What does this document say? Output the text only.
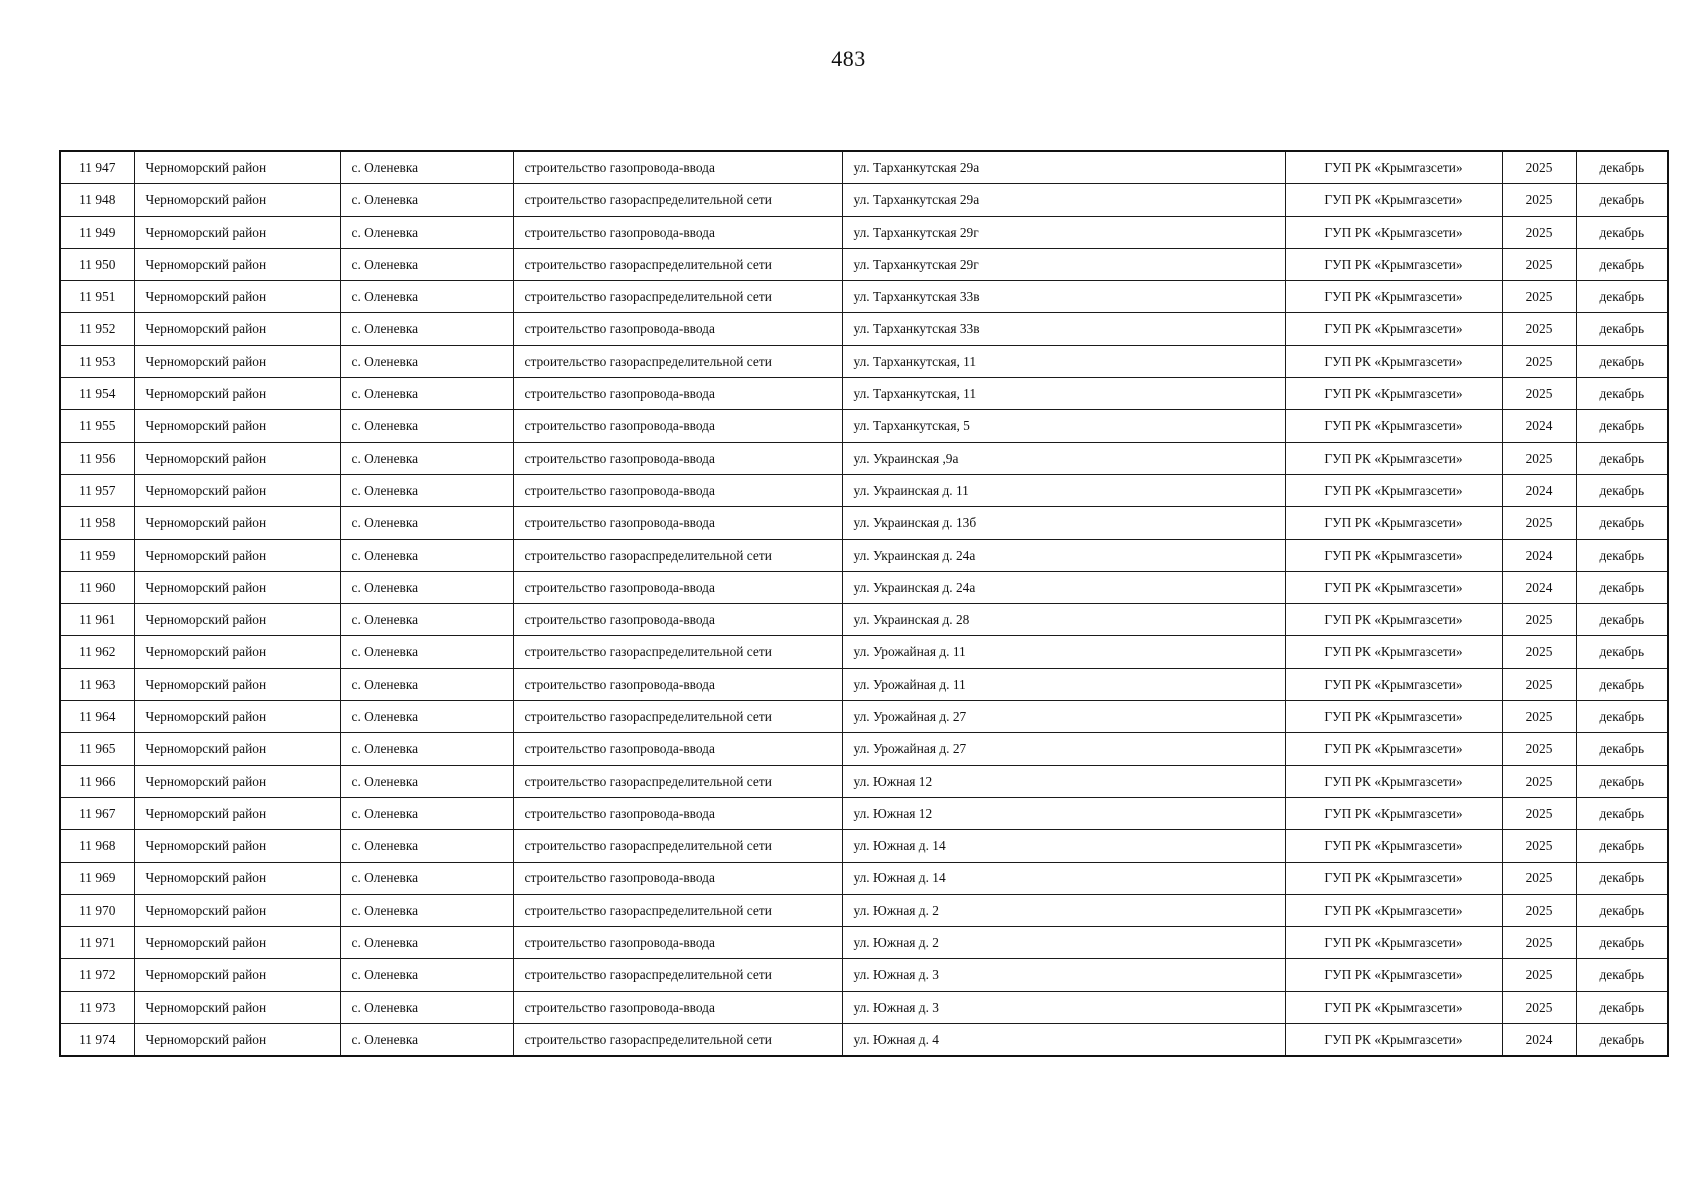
483
11 947	Черноморский район	с. Оленевка	строительство газопровода-ввода	ул. Тарханкутская 29а	ГУП РК «Крымгазсети»	2025	декабрь
11 948	Черноморский район	с. Оленевка	строительство газораспределительной сети	ул. Тарханкутская 29а	ГУП РК «Крымгазсети»	2025	декабрь
11 949	Черноморский район	с. Оленевка	строительство газопровода-ввода	ул. Тарханкутская 29г	ГУП РК «Крымгазсети»	2025	декабрь
11 950	Черноморский район	с. Оленевка	строительство газораспределительной сети	ул. Тарханкутская 29г	ГУП РК «Крымгазсети»	2025	декабрь
11 951	Черноморский район	с. Оленевка	строительство газораспределительной сети	ул. Тарханкутская 33в	ГУП РК «Крымгазсети»	2025	декабрь
11 952	Черноморский район	с. Оленевка	строительство газопровода-ввода	ул. Тарханкутская 33в	ГУП РК «Крымгазсети»	2025	декабрь
11 953	Черноморский район	с. Оленевка	строительство газораспределительной сети	ул. Тарханкутская, 11	ГУП РК «Крымгазсети»	2025	декабрь
11 954	Черноморский район	с. Оленевка	строительство газопровода-ввода	ул. Тарханкутская, 11	ГУП РК «Крымгазсети»	2025	декабрь
11 955	Черноморский район	с. Оленевка	строительство газопровода-ввода	ул. Тарханкутская, 5	ГУП РК «Крымгазсети»	2024	декабрь
11 956	Черноморский район	с. Оленевка	строительство газопровода-ввода	ул. Украинская ,9а	ГУП РК «Крымгазсети»	2025	декабрь
11 957	Черноморский район	с. Оленевка	строительство газопровода-ввода	ул. Украинская д. 11	ГУП РК «Крымгазсети»	2024	декабрь
11 958	Черноморский район	с. Оленевка	строительство газопровода-ввода	ул. Украинская д. 13б	ГУП РК «Крымгазсети»	2025	декабрь
11 959	Черноморский район	с. Оленевка	строительство газораспределительной сети	ул. Украинская д. 24а	ГУП РК «Крымгазсети»	2024	декабрь
11 960	Черноморский район	с. Оленевка	строительство газопровода-ввода	ул. Украинская д. 24а	ГУП РК «Крымгазсети»	2024	декабрь
11 961	Черноморский район	с. Оленевка	строительство газопровода-ввода	ул. Украинская д. 28	ГУП РК «Крымгазсети»	2025	декабрь
11 962	Черноморский район	с. Оленевка	строительство газораспределительной сети	ул. Урожайная д. 11	ГУП РК «Крымгазсети»	2025	декабрь
11 963	Черноморский район	с. Оленевка	строительство газопровода-ввода	ул. Урожайная д. 11	ГУП РК «Крымгазсети»	2025	декабрь
11 964	Черноморский район	с. Оленевка	строительство газораспределительной сети	ул. Урожайная д. 27	ГУП РК «Крымгазсети»	2025	декабрь
11 965	Черноморский район	с. Оленевка	строительство газопровода-ввода	ул. Урожайная д. 27	ГУП РК «Крымгазсети»	2025	декабрь
11 966	Черноморский район	с. Оленевка	строительство газораспределительной сети	ул. Южная 12	ГУП РК «Крымгазсети»	2025	декабрь
11 967	Черноморский район	с. Оленевка	строительство газопровода-ввода	ул. Южная 12	ГУП РК «Крымгазсети»	2025	декабрь
11 968	Черноморский район	с. Оленевка	строительство газораспределительной сети	ул. Южная д. 14	ГУП РК «Крымгазсети»	2025	декабрь
11 969	Черноморский район	с. Оленевка	строительство газопровода-ввода	ул. Южная д. 14	ГУП РК «Крымгазсети»	2025	декабрь
11 970	Черноморский район	с. Оленевка	строительство газораспределительной сети	ул. Южная д. 2	ГУП РК «Крымгазсети»	2025	декабрь
11 971	Черноморский район	с. Оленевка	строительство газопровода-ввода	ул. Южная д. 2	ГУП РК «Крымгазсети»	2025	декабрь
11 972	Черноморский район	с. Оленевка	строительство газораспределительной сети	ул. Южная д. 3	ГУП РК «Крымгазсети»	2025	декабрь
11 973	Черноморский район	с. Оленевка	строительство газопровода-ввода	ул. Южная д. 3	ГУП РК «Крымгазсети»	2025	декабрь
11 974	Черноморский район	с. Оленевка	строительство газораспределительной сети	ул. Южная д. 4	ГУП РК «Крымгазсети»	2024	декабрь
